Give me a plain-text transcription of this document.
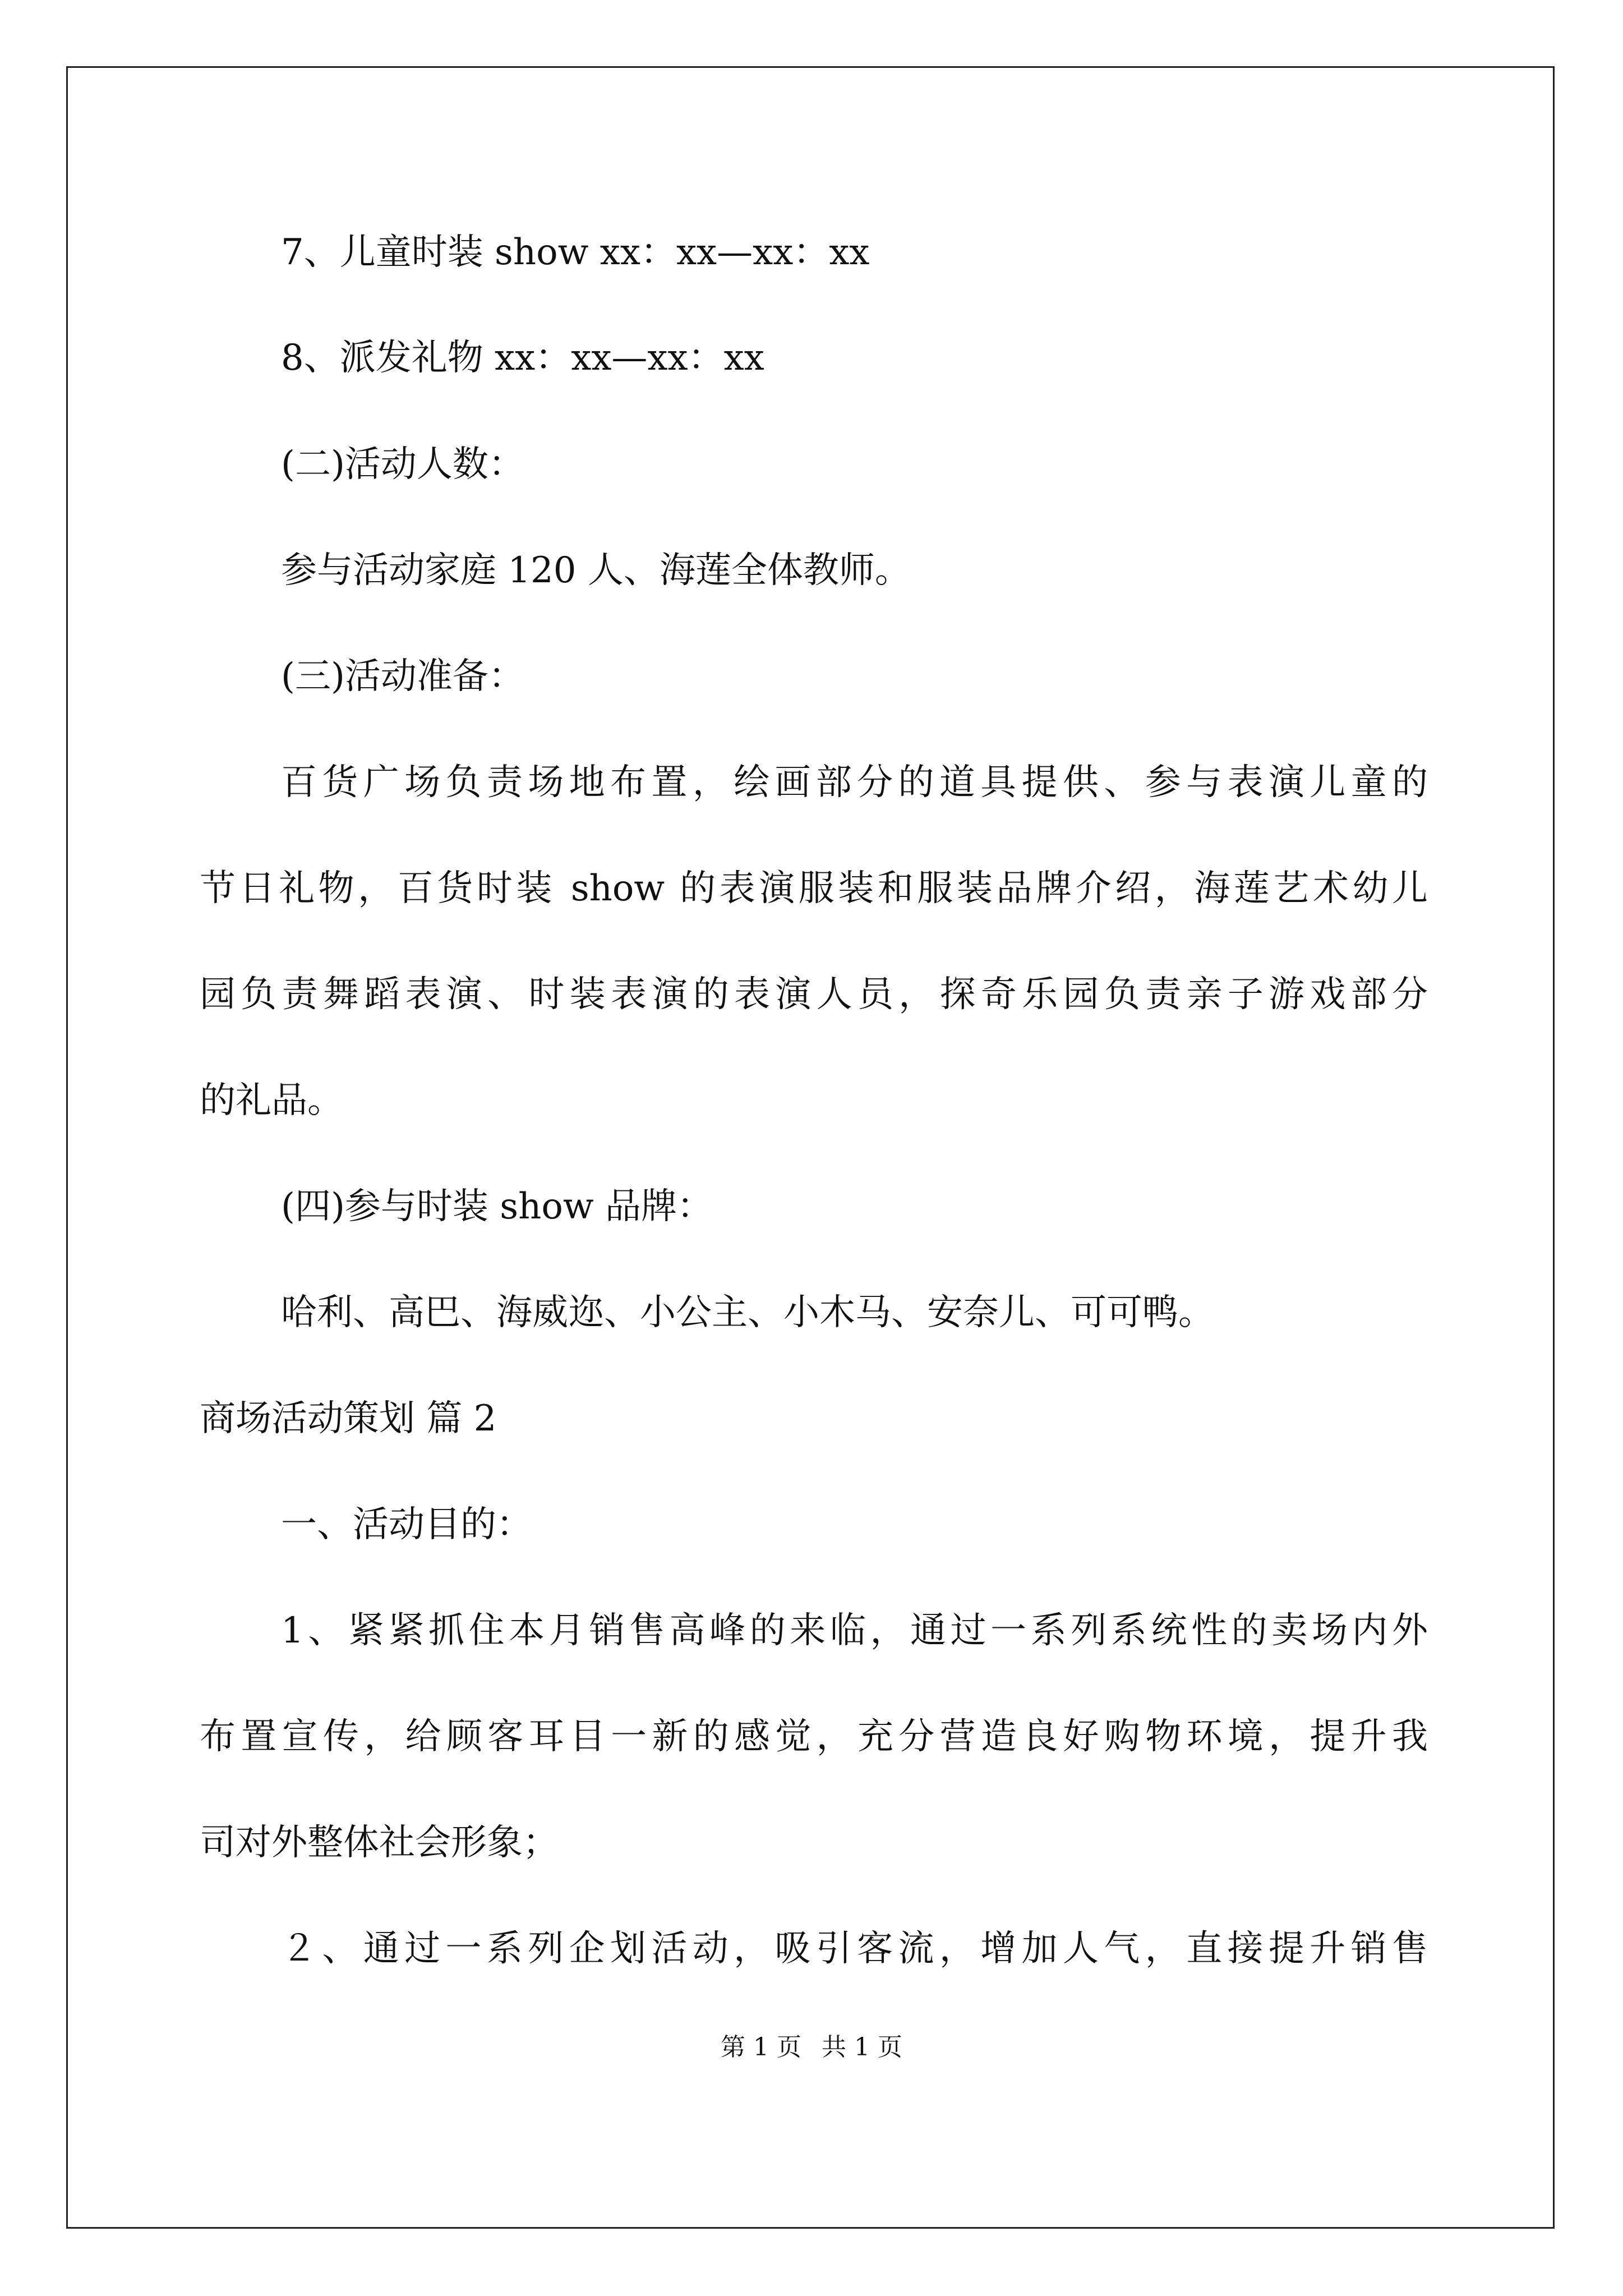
7、儿童时装 show xx：xx—xx：xx
8、派发礼物 xx：xx—xx：xx
(二)活动人数：
参与活动家庭 120 人、海莲全体教师。
(三)活动准备：
百货广场负责场地布置，绘画部分的道具提供、参与表演儿童的
节日礼物，百货时装 show 的表演服装和服装品牌介绍，海莲艺术幼儿
园负责舞蹈表演、时装表演的表演人员，探奇乐园负责亲子游戏部分
的礼品。
(四)参与时装 show 品牌：
哈利、高巴、海威迩、小公主、小木马、安奈儿、可可鸭。
商场活动策划 篇 2
一、活动目的：
1、紧紧抓住本月销售高峰的来临，通过一系列系统性的卖场内外
布置宣传，给顾客耳目一新的感觉，充分营造良好购物环境，提升我
司对外整体社会形象；
２、通过一系列企划活动，吸引客流，增加人气，直接提升销售
第 1 页 共 1 页
